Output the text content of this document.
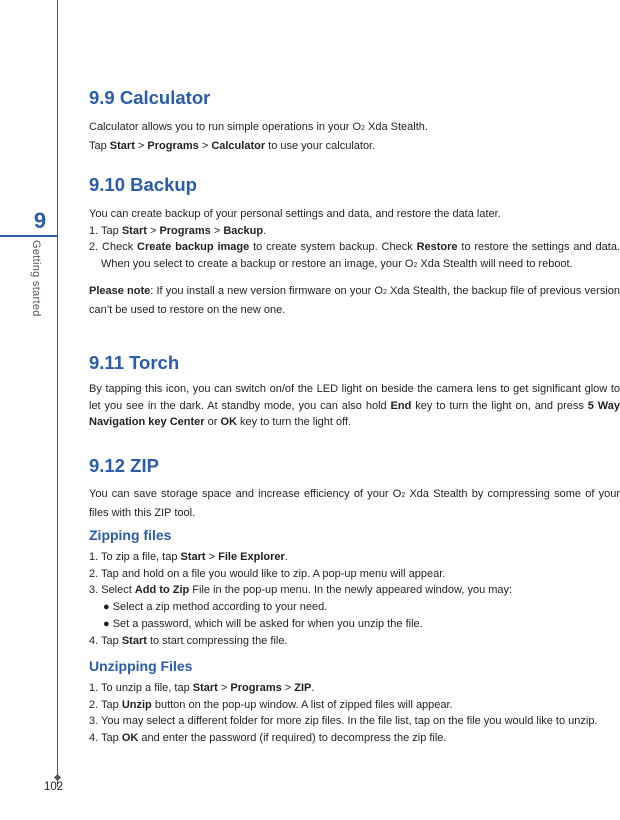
9
Getting started
102
9.9 Calculator

Calculator allows you to run simple operations in your O2 Xda Stealth.

Tap Start > Programs > Calculator to use your calculator.

9.10 Backup

You can create backup of your personal settings and data, and restore the data later.

1. Tap Start > Programs > Backup.

2. Check Create backup image to create system backup. Check Restore to restore the settings and data. When you select to create a backup or restore an image, your O2 Xda Stealth will need to reboot.

Please note: If you install a new version firmware on your O2 Xda Stealth, the backup file of previous version can’t be used to restore on the new one.

9.11 Torch

By tapping this icon, you can switch on/of the LED light on beside the camera lens to get significant glow to let you see in the dark. At standby mode, you can also hold End key to turn the light on, and press 5 Way Navigation key Center or OK key to turn the light off.

9.12 ZIP

You can save storage space and increase efficiency of your O2 Xda Stealth by compressing some of your files with this ZIP tool.

Zipping files

1. To zip a file, tap Start > File Explorer.

2. Tap and hold on a file you would like to zip. A pop-up menu will appear.

3. Select Add to Zip File in the pop-up menu. In the newly appeared window, you may:

● Select a zip method according to your need.

● Set a password, which will be asked for when you unzip the file.

4. Tap Start to start compressing the file.

Unzipping Files

1. To unzip a file, tap Start > Programs > ZIP.

2. Tap Unzip button on the pop-up window. A list of zipped files will appear.

3. You may select a different folder for more zip files. In the file list, tap on the file you would like to unzip.

4. Tap OK and enter the password (if required) to decompress the zip file.
